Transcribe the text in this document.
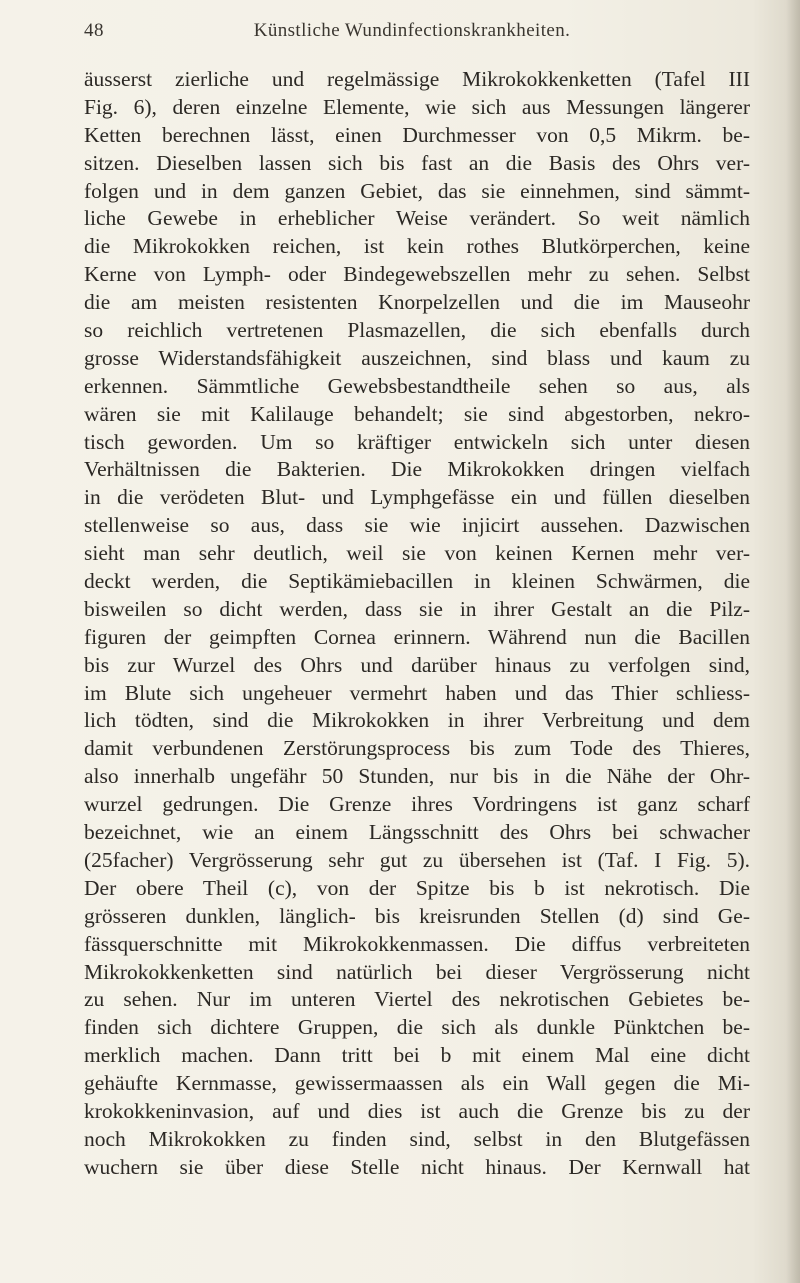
48	Künstliche Wundinfectionskrankheiten.
äusserst zierliche und regelmässige Mikrokokkenketten (Tafel III
Fig. 6), deren einzelne Elemente, wie sich aus Messungen längerer
Ketten berechnen lässt, einen Durchmesser von 0,5 Mikrm. be-
sitzen. Dieselben lassen sich bis fast an die Basis des Ohrs ver-
folgen und in dem ganzen Gebiet, das sie einnehmen, sind sämmt-
liche Gewebe in erheblicher Weise verändert. So weit nämlich
die Mikrokokken reichen, ist kein rothes Blutkörperchen, keine
Kerne von Lymph- oder Bindegewebszellen mehr zu sehen. Selbst
die am meisten resistenten Knorpelzellen und die im Mauseohr
so reichlich vertretenen Plasmazellen, die sich ebenfalls durch
grosse Widerstandsfähigkeit auszeichnen, sind blass und kaum zu
erkennen. Sämmtliche Gewebsbestandtheile sehen so aus, als
wären sie mit Kalilauge behandelt; sie sind abgestorben, nekro-
tisch geworden. Um so kräftiger entwickeln sich unter diesen
Verhältnissen die Bakterien. Die Mikrokokken dringen vielfach
in die verödeten Blut- und Lymphgefässe ein und füllen dieselben
stellenweise so aus, dass sie wie injicirt aussehen. Dazwischen
sieht man sehr deutlich, weil sie von keinen Kernen mehr ver-
deckt werden, die Septikämiebacillen in kleinen Schwärmen, die
bisweilen so dicht werden, dass sie in ihrer Gestalt an die Pilz-
figuren der geimpften Cornea erinnern. Während nun die Bacillen
bis zur Wurzel des Ohrs und darüber hinaus zu verfolgen sind,
im Blute sich ungeheuer vermehrt haben und das Thier schliess-
lich tödten, sind die Mikrokokken in ihrer Verbreitung und dem
damit verbundenen Zerstörungsprocess bis zum Tode des Thieres,
also innerhalb ungefähr 50 Stunden, nur bis in die Nähe der Ohr-
wurzel gedrungen. Die Grenze ihres Vordringens ist ganz scharf
bezeichnet, wie an einem Längsschnitt des Ohrs bei schwacher
(25facher) Vergrösserung sehr gut zu übersehen ist (Taf. I Fig. 5).
Der obere Theil (c), von der Spitze bis b ist nekrotisch. Die
grösseren dunklen, länglich- bis kreisrunden Stellen (d) sind Ge-
fässquerschnitte mit Mikrokokkenmassen. Die diffus verbreiteten
Mikrokokkenketten sind natürlich bei dieser Vergrösserung nicht
zu sehen. Nur im unteren Viertel des nekrotischen Gebietes be-
finden sich dichtere Gruppen, die sich als dunkle Pünktchen be-
merklich machen. Dann tritt bei b mit einem Mal eine dicht
gehäufte Kernmasse, gewissermaassen als ein Wall gegen die Mi-
krokokkeninvasion, auf und dies ist auch die Grenze bis zu der
noch Mikrokokken zu finden sind, selbst in den Blutgefässen
wuchern sie über diese Stelle nicht hinaus. Der Kernwall hat
